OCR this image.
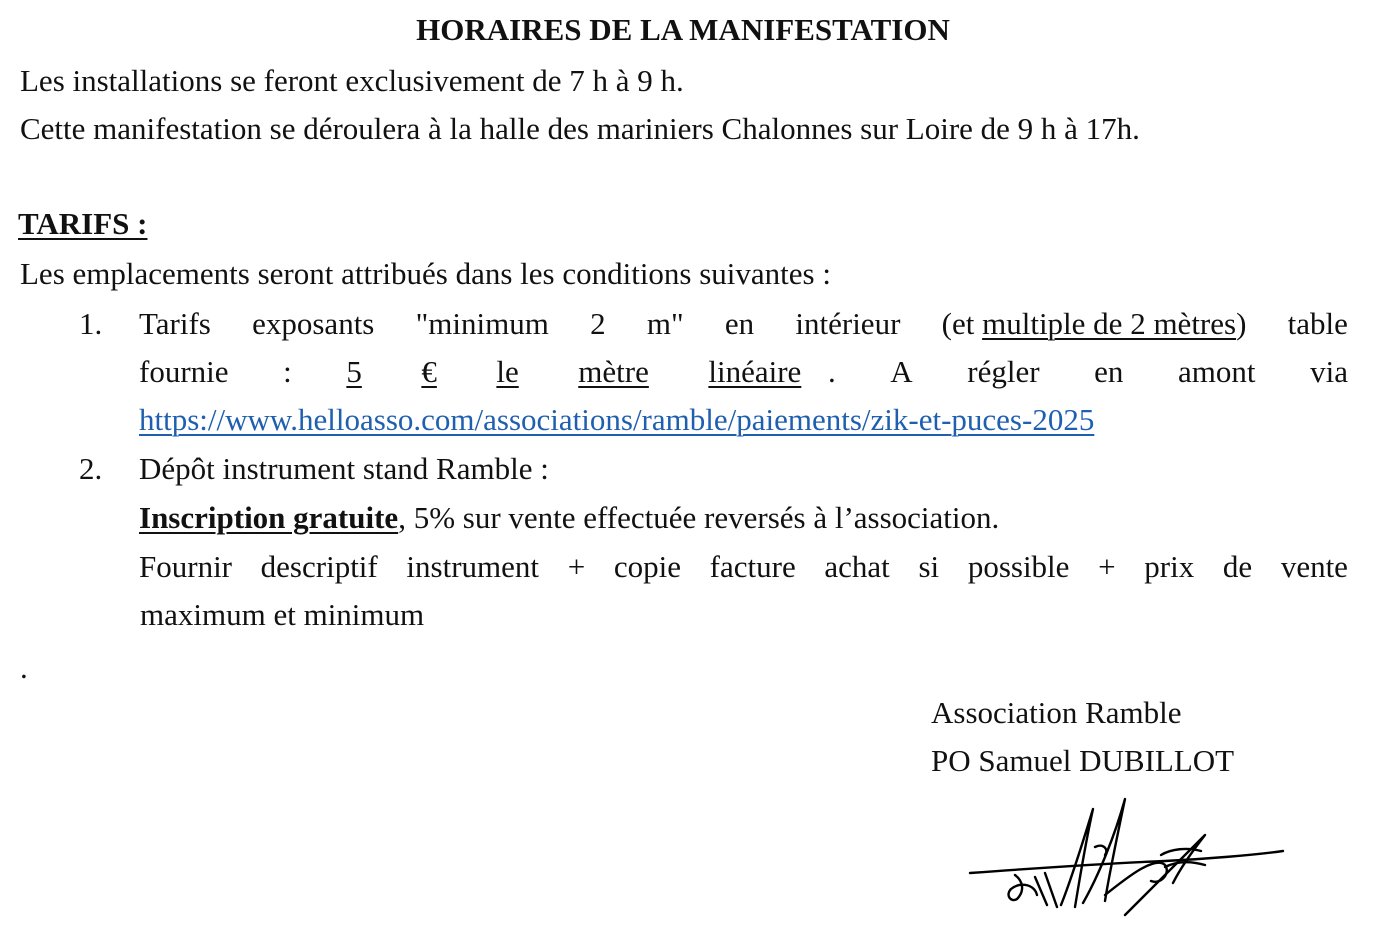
HORAIRES DE LA MANIFESTATION
Les installations se feront exclusivement de 7 h à 9 h.
Cette manifestation se déroulera à la halle des mariniers Chalonnes sur Loire de 9 h à 17h.
TARIFS :
Les emplacements seront attribués dans les conditions suivantes :
1. Tarifs exposants "minimum 2 m" en intérieur (et multiple de 2 mètres) table
fournie : 5 € le mètre linéaire . A régler en amont via
https://www.helloasso.com/associations/ramble/paiements/zik-et-puces-2025
2. Dépôt instrument stand Ramble :
Inscription gratuite, 5% sur vente effectuée reversés à l’association.
Fournir descriptif instrument + copie facture achat si possible + prix de vente
maximum et minimum
.
Association Ramble
PO Samuel DUBILLOT
